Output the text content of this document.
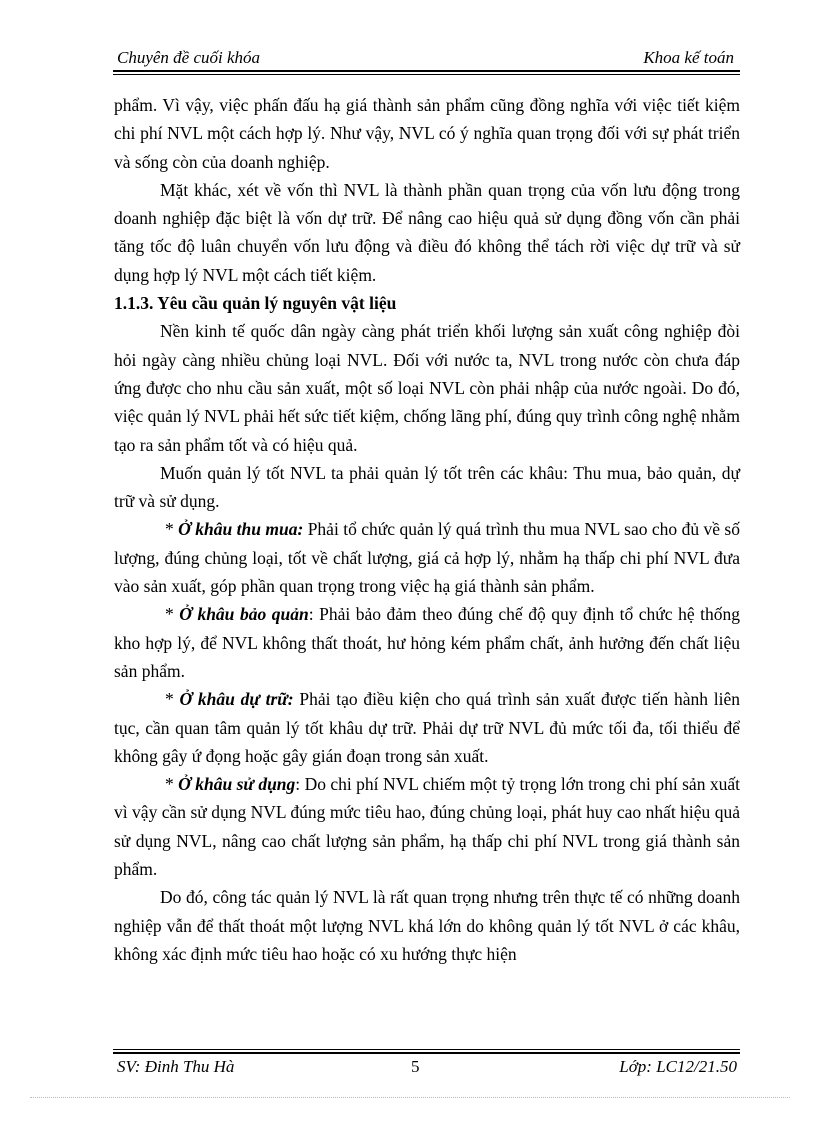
Chuyên đề cuối khóa	Khoa kế toán

phẩm. Vì vậy, việc phấn đấu hạ giá thành sản phẩm cũng đồng nghĩa với việc tiết kiệm chi phí NVL một cách hợp lý. Như vậy, NVL có ý nghĩa quan trọng đối với sự phát triển và sống còn của doanh nghiệp.

Mặt khác, xét về vốn thì NVL là thành phần quan trọng của vốn lưu động trong doanh nghiệp đặc biệt là vốn dự trữ. Để nâng cao hiệu quả sử dụng đồng vốn cần phải tăng tốc độ luân chuyển vốn lưu động và điều đó không thể tách rời việc dự trữ và sử dụng hợp lý NVL một cách tiết kiệm.

1.1.3. Yêu cầu quản lý nguyên vật liệu

Nền kinh tế quốc dân ngày càng phát triển khối lượng sản xuất công nghiệp đòi hỏi ngày càng nhiều chủng loại NVL. Đối với nước ta, NVL trong nước còn chưa đáp ứng được cho nhu cầu sản xuất, một số loại NVL còn phải nhập của nước ngoài. Do đó, việc quản lý NVL phải hết sức tiết kiệm, chống lãng phí, đúng quy trình công nghệ nhằm tạo ra sản phẩm tốt và có hiệu quả.

Muốn quản lý tốt NVL ta phải quản lý tốt trên các khâu: Thu mua, bảo quản, dự trữ và sử dụng.

* Ở khâu thu mua: Phải tổ chức quản lý quá trình thu mua NVL sao cho đủ về số lượng, đúng chủng loại, tốt về chất lượng, giá cả hợp lý, nhằm hạ thấp chi phí NVL đưa vào sản xuất, góp phần quan trọng trong việc hạ giá thành sản phẩm.

* Ở khâu bảo quản: Phải bảo đảm theo đúng chế độ quy định tổ chức hệ thống kho hợp lý, để NVL không thất thoát, hư hỏng kém phẩm chất, ảnh hưởng đến chất liệu sản phẩm.

* Ở khâu dự trữ: Phải tạo điều kiện cho quá trình sản xuất được tiến hành liên tục, cần quan tâm quản lý tốt khâu dự trữ. Phải dự trữ NVL đủ mức tối đa, tối thiểu để không gây ứ đọng hoặc gây gián đoạn trong sản xuất.

* Ở khâu sử dụng: Do chi phí NVL chiếm một tỷ trọng lớn trong chi phí sản xuất vì vậy cần sử dụng NVL đúng mức tiêu hao, đúng chủng loại, phát huy cao nhất hiệu quả sử dụng NVL, nâng cao chất lượng sản phẩm, hạ thấp chi phí NVL trong giá thành sản phẩm.

Do đó, công tác quản lý NVL là rất quan trọng nhưng trên thực tế có những doanh nghiệp vẫn để thất thoát một lượng NVL khá lớn do không quản lý tốt NVL ở các khâu, không xác định mức tiêu hao hoặc có xu hướng thực hiện

SV: Đinh Thu Hà	5	Lớp: LC12/21.50
